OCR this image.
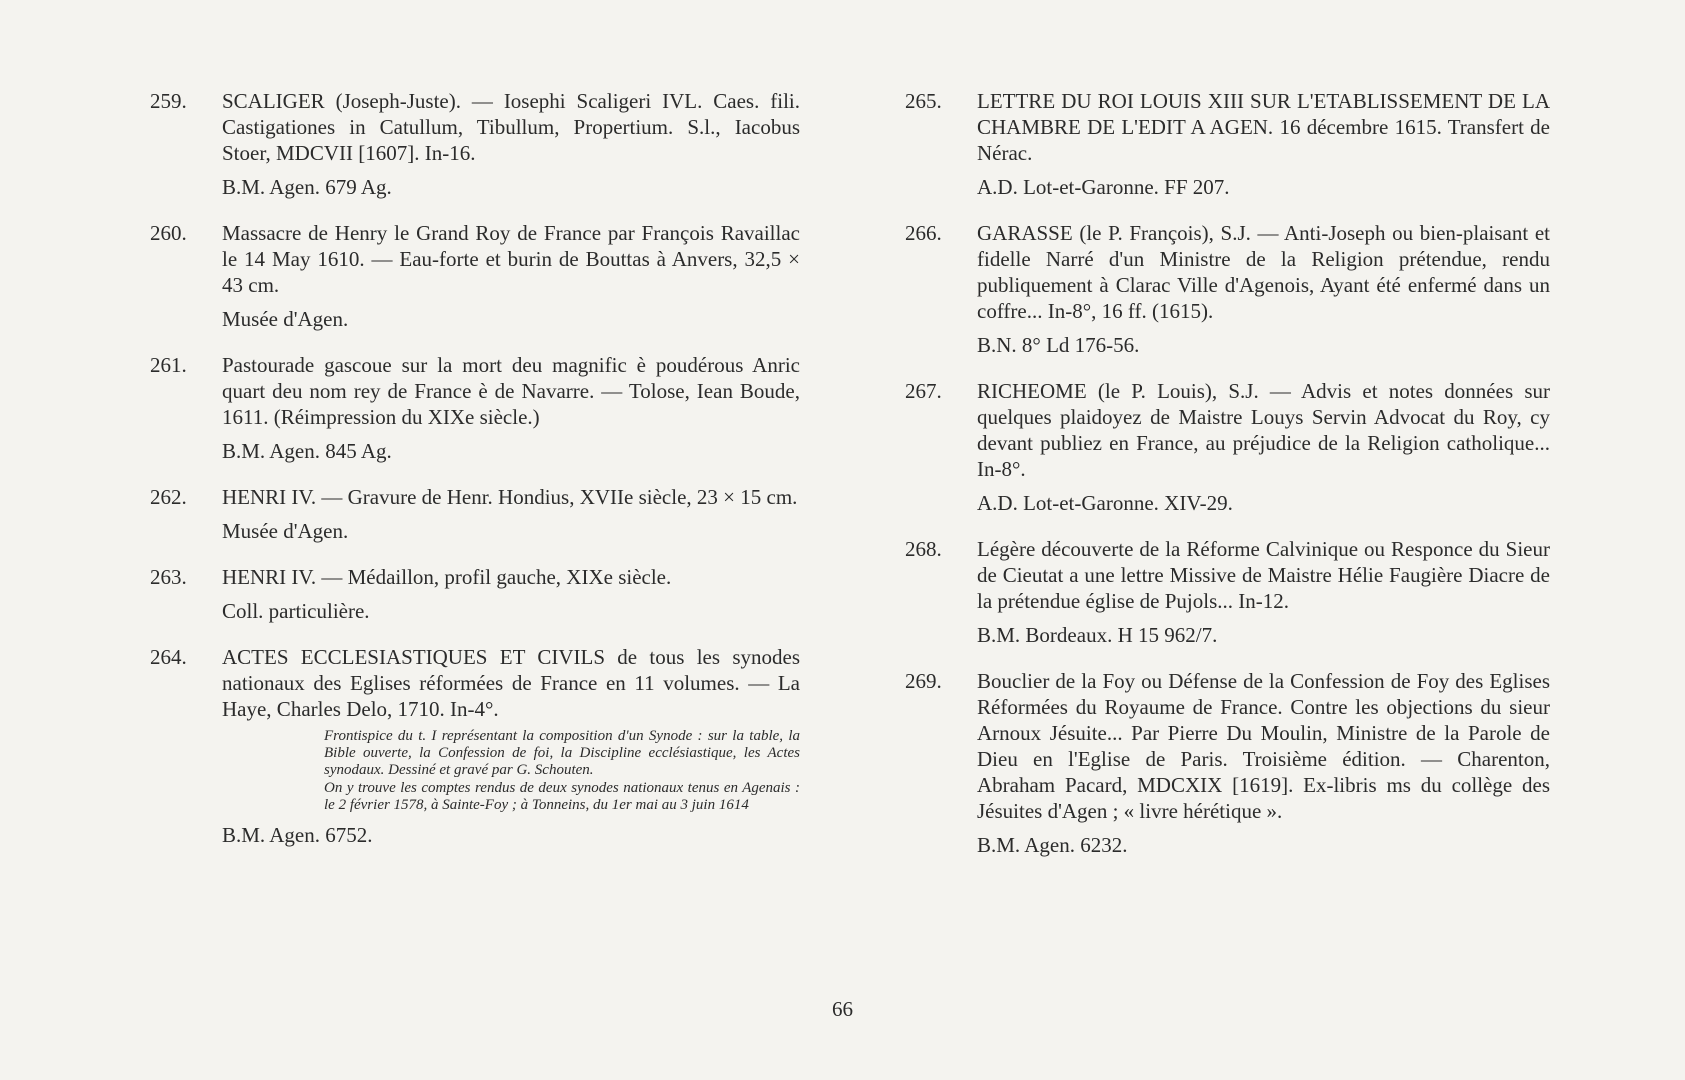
259. SCALIGER (Joseph-Juste). — Iosephi Scaligeri IVL. Caes. fili. Castigationes in Catullum, Tibullum, Propertium. S.l., Iacobus Stoer, MDCVII [1607]. In-16.
B.M. Agen. 679 Ag.
260. Massacre de Henry le Grand Roy de France par François Ravaillac le 14 May 1610. — Eau-forte et burin de Bouttas à Anvers, 32,5 × 43 cm.
Musée d'Agen.
261. Pastourade gascoue sur la mort deu magnific è poudérous Anric quart deu nom rey de France è de Navarre. — Tolose, Iean Boude, 1611. (Réimpression du XIXe siècle.)
B.M. Agen. 845 Ag.
262. HENRI IV. — Gravure de Henr. Hondius, XVIIe siècle, 23 × 15 cm.
Musée d'Agen.
263. HENRI IV. — Médaillon, profil gauche, XIXe siècle.
Coll. particulière.
264. ACTES ECCLESIASTIQUES ET CIVILS de tous les synodes nationaux des Eglises réformées de France en 11 volumes. — La Haye, Charles Delo, 1710. In-4°.

Frontispice du t. I représentant la composition d'un Synode : sur la table, la Bible ouverte, la Confession de foi, la Discipline ecclésiastique, les Actes synodaux. Dessiné et gravé par G. Schouten.

On y trouve les comptes rendus de deux synodes nationaux tenus en Agenais : le 2 février 1578, à Sainte-Foy ; à Tonneins, du 1er mai au 3 juin 1614

B.M. Agen. 6752.
265. LETTRE DU ROI LOUIS XIII SUR L'ETABLISSEMENT DE LA CHAMBRE DE L'EDIT A AGEN. 16 décembre 1615. Transfert de Nérac.
A.D. Lot-et-Garonne. FF 207.
266. GARASSE (le P. François), S.J. — Anti-Joseph ou bien-plaisant et fidelle Narré d'un Ministre de la Religion prétendue, rendu publiquement à Clarac Ville d'Agenois, Ayant été enfermé dans un coffre... In-8°, 16 ff. (1615).
B.N. 8° Ld 176-56.
267. RICHEOME (le P. Louis), S.J. — Advis et notes données sur quelques plaidoyez de Maistre Louys Servin Advocat du Roy, cy devant publiez en France, au préjudice de la Religion catholique... In-8°.
A.D. Lot-et-Garonne. XIV-29.
268. Légère découverte de la Réforme Calvinique ou Responce du Sieur de Cieutat a une lettre Missive de Maistre Hélie Faugière Diacre de la prétendue église de Pujols... In-12.
B.M. Bordeaux. H 15 962/7.
269. Bouclier de la Foy ou Défense de la Confession de Foy des Eglises Réformées du Royaume de France. Contre les objections du sieur Arnoux Jésuite... Par Pierre Du Moulin, Ministre de la Parole de Dieu en l'Eglise de Paris. Troisième édition. — Charenton, Abraham Pacard, MDCXIX [1619]. Ex-libris ms du collège des Jésuites d'Agen ; « livre hérétique ».
B.M. Agen. 6232.
66
